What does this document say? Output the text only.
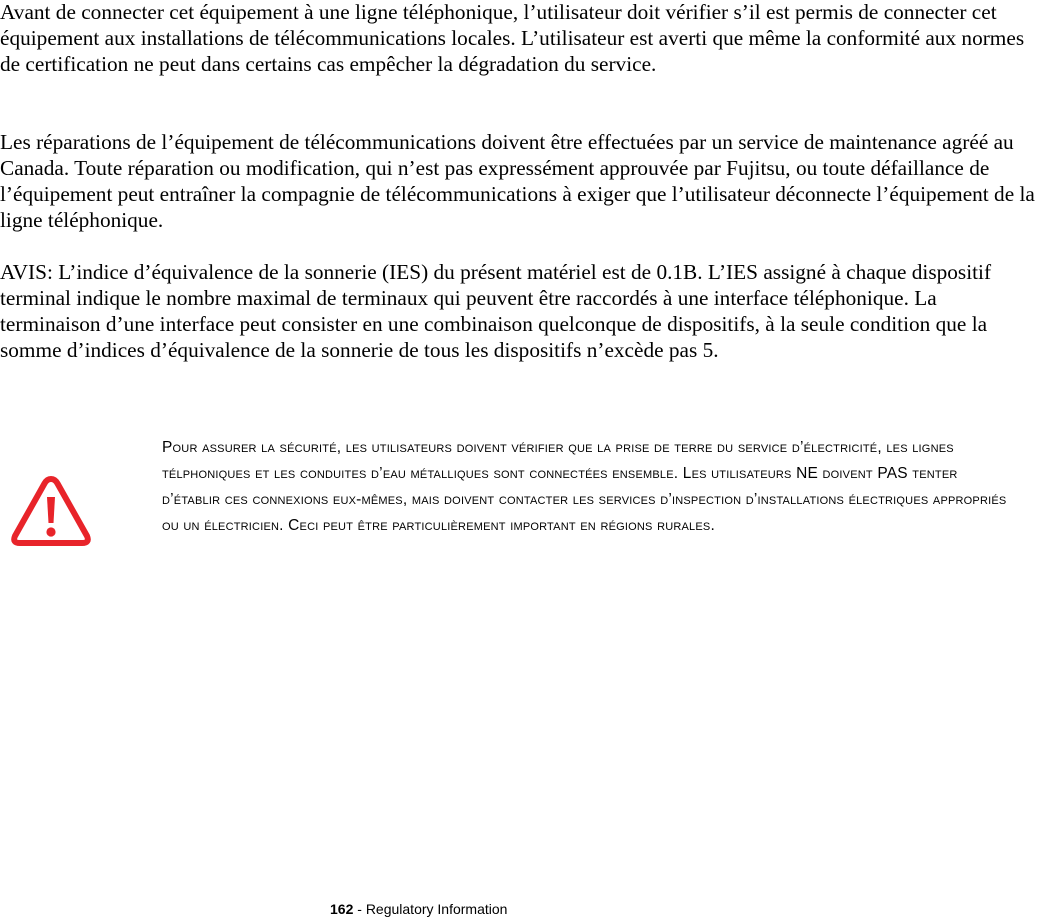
Avant de connecter cet équipement à une ligne téléphonique, l’utilisateur doit vérifier s’il est permis de connecter cet équipement aux installations de télécommunications locales. L’utilisateur est averti que même la conformité aux normes de certification ne peut dans certains cas empêcher la dégradation du service.

Les réparations de l’équipement de télécommunications doivent être effectuées par un service de maintenance agréé au Canada. Toute réparation ou modification, qui n’est pas expressément approuvée par Fujitsu, ou toute défaillance de l’équipement peut entraîner la compagnie de télécommunications à exiger que l’utilisateur déconnecte l’équipement de la ligne téléphonique.

AVIS: L’indice d’équivalence de la sonnerie (IES) du présent matériel est de 0.1B. L’IES assigné à chaque dispositif terminal indique le nombre maximal de terminaux qui peuvent être raccordés à une interface téléphonique. La terminaison d’une interface peut consister en une combinaison quelconque de dispositifs, à la seule condition que la somme d’indices d’équivalence de la sonnerie de tous les dispositifs n’excède pas 5.

Pour assurer la sécurité, les utilisateurs doivent vérifier que la prise de terre du service d’électricité, les lignes télphoniques et les conduites d’eau métalliques sont connectées ensemble. Les utilisateurs NE doivent PAS tenter d’établir ces connexions eux-mêmes, mais doivent contacter les services d’inspection d’installations électriques appropriés ou un électricien. Ceci peut être particulièrement important en régions rurales.

162 - Regulatory Information
